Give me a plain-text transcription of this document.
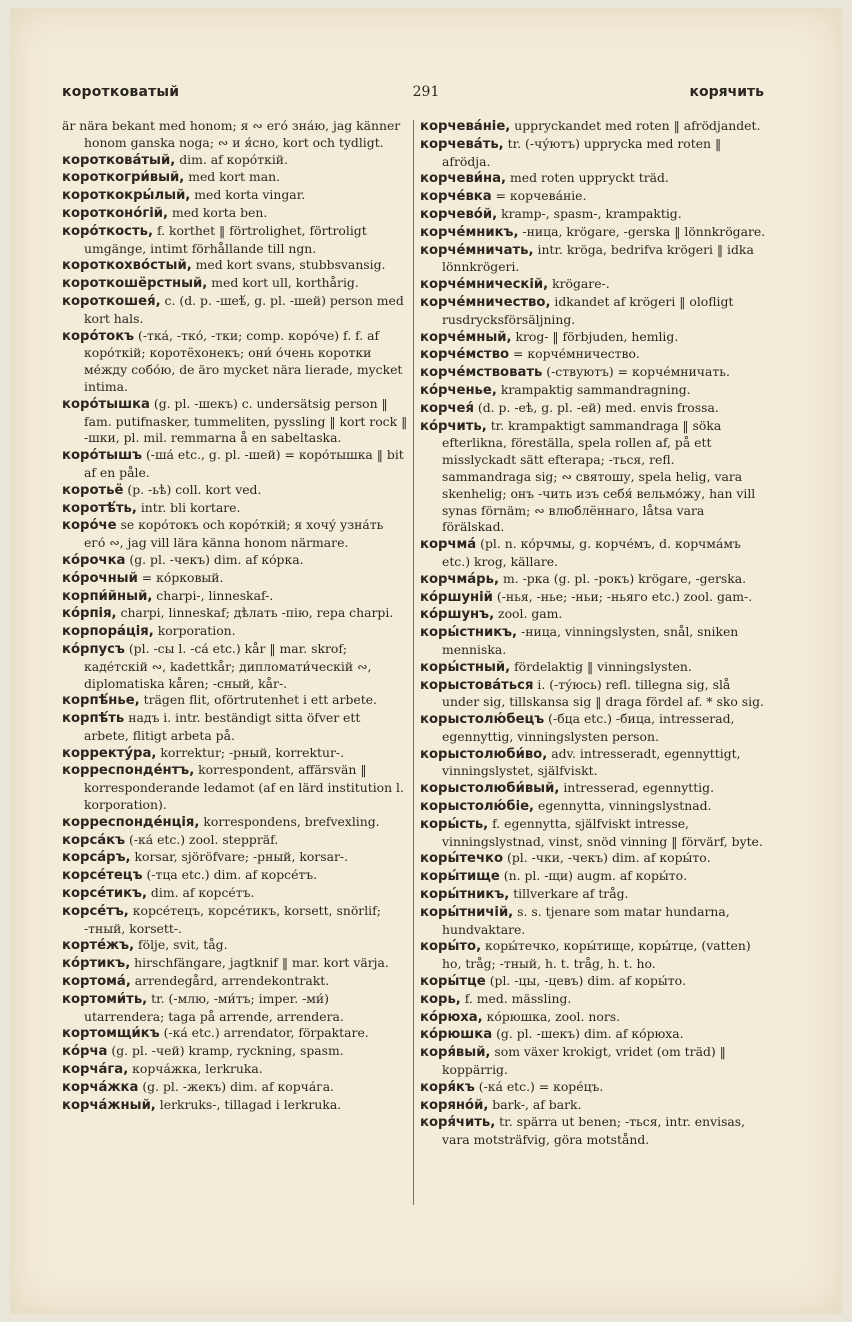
коротковатый	291	корячить

är nära bekant med honom; я ∾ его́ зна́ю, jag känner honom ganska noga; ∾ и я́сно, kort och tydligt.

коротковáтый, dim. af коро́ткій.

короткогри́вый, med kort man.

короткокры́лый, med korta vingar.

коротконо́гій, med korta ben.

коро́ткость, f. korthet ‖ förtrolighet, förtroligt umgänge, intimt förhållande till ngn.

короткохво́стый, med kort svans, stubbsvansig.

короткошёрстный, med kort ull, korthårig.

короткошея́, c. (d. p. -шеѣ́, g. pl. -шей) person med kort hals.

коро́токъ (-тка́, -тко́, -тки; comp. коро́че) f. f. af коро́ткій; коротёхонекъ; они́ о́чень коротки ме́жду собо́ю, de äro mycket nära lierade, mycket intima.

коро́тышка (g. pl. -шекъ) c. undersätsig person ‖ fam. putifnasker, tummeliten, pyssling ‖ kort rock ‖ -шки, pl. mil. remmarna å en sabeltaska.

коро́тышъ (-ша́ etc., g. pl. -шей) = коро́тышка ‖ bit af en påle.

коротьё (p. -ьѣ) coll. kort ved.

коротѣ́ть, intr. bli kortare.

коро́че se коро́токъ och коро́ткій; я хочу́ узна́ть его́ ∾, jag vill lära känna honom närmare.

ко́рочка (g. pl. -чекъ) dim. af ко́рка.

ко́рочный = ко́рковый.

корпи́йный, charpi-, linneskaf-.

ко́рпія, charpi, linneskaf; дѣлать -пію, repa charpi.

корпора́ція, korporation.

ко́рпусъ (pl. -сы l. -са́ etc.) kår ‖ mar. skrof; каде́тскій ∾, kadettkår; дипломати́ческій ∾, diplomatiska kåren; -сный, kår-.

корпѣ́нье, trägen flit, oförtrutenhet i ett arbete.

корпѣ́ть надъ i. intr. beständigt sitta öfver ett arbete, flitigt arbeta på.

корректу́ра, korrektur; -рный, korrektur-.

корреспонде́нтъ, korrespondent, affärsvän ‖ korresponderande ledamot (af en lärd institution l. korporation).

корреспонде́нція, korrespondens, brefvexling.

корса́къ (-ка́ etc.) zool. steppräf.

корса́ръ, korsar, sjöröfvare; -рный, korsar-.

корсе́тецъ (-тца etc.) dim. af корсе́тъ.

корсе́тикъ, dim. af корсе́тъ.

корсе́тъ, корсе́тецъ, корсе́тикъ, korsett, snörlif; -тный, korsett-.

корте́жъ, följe, svit, tåg.

ко́ртикъ, hirschfängare, jagtknif ‖ mar. kort värja.

кортома́, arrendegård, arrendekontrakt.

кортоми́ть, tr. (-млю, -ми́тъ; imper. -ми́) utarrendera; taga på arrende, arrendera.

кортомщи́къ (-ка́ etc.) arrendator, förpaktare.

ко́рча (g. pl. -чей) kramp, ryckning, spasm.

корча́га, корча́жка, lerkruka.

корча́жка (g. pl. -жекъ) dim. af корча́га.

корча́жный, lerkruks-, tillagad i lerkruka.

корчева́ніе, uppryckandet med roten ‖ afrödjandet.

корчева́ть, tr. (-чу́ютъ) uppryck​a med roten ‖ afrödja.

корчеви́на, med roten uppryckt träd.

корче́вка = корчева́ніе.

корчево́й, kramp-, spasm-, krampaktig.

корче́мникъ, -ница, krögare, -gerska ‖ lönnkrögare.

корче́мничать, intr. kröga, bedrifva krögeri ‖ idka lönnkrögeri.

корче́мническій, krögare-.

корче́мничество, idkandet af krögeri ‖ olofligt rusdrycksförsäljning.

корче́мный, krog- ‖ förbjuden, hemlig.

корче́мство = корче́мничество.

корче́мствовать (-ствуютъ) = корче́мничать.

ко́рченье, krampaktig sammandragning.

корчея́ (d. p. -еѣ, g. pl. -ей) med. envis frossa.

ко́рчить, tr. krampaktigt sammandraga ‖ söka efterlikna, föreställa, spela rollen af, på ett misslyckadt sätt efterapa; -ться, refl. sammandraga sig; ∾ святошу, spela helig, vara skenhelig; онъ -чить изъ себя́ вельмо́жу, han vill synas förnäm; ∾ влюблённаго, låtsa vara förälskad.

корчма́ (pl. n. ко́рчмы, g. корче́мъ, d. корчма́мъ etc.) krog, källare.

корчма́рь, m. -рка (g. pl. -рокъ) krögare, -gerska.

ко́ршуній (-нья, -нье; -ньи; -ньяго etc.) zool. gam-.

ко́ршунъ, zool. gam.

коры́стникъ, -ница, vinningslysten, snål, sniken menniska.

коры́стный, fördelaktig ‖ vinningslysten.

корыстова́ться i. (-ту́юсь) refl. tillegna sig, slå under sig, tillskansa sig ‖ draga fördel af. * sko sig.

корыстолю́бецъ (-бца etc.) -бица, intresserad, egennyttig, vinningslysten person.

корыстолюби́во, adv. intresseradt, egennyttigt, vinningslystet, själfviskt.

корыстолюби́вый, intresserad, egennyttig.

корыстолю́біе, egennytta, vinningslystnad.

коры́сть, f. egennytta, själfviskt intresse, vinningslystnad, vinst, snöd vinning ‖ förvärf, byte.

коры́течко (pl. -чки, -чекъ) dim. af коры́то.

коры́тище (n. pl. -щи) augm. af коры́то.

коры́тникъ, tillverkare af tråg.

коры́тничій, s. s. tjenare som matar hundarna, hundvaktare.

коры́то, коры́течко, коры́тище, коры́тце, (vatten) ho, tråg; -тный, h. t. tråg, h. t. ho.

коры́тце (pl. -цы, -цевъ) dim. af коры́то.

корь, f. med. mässling.

ко́рюха, ко́рюшка, zool. nors.

ко́рюшка (g. pl. -шекъ) dim. af ко́рюха.

коря́вый, som växer krokigt, vridet (om träd) ‖ koppärrig.

коря́къ (-ка́ etc.) = коре́цъ.

коряно́й, bark-, af bark.

коря́чить, tr. spärra ut benen; -ться, intr. envisas, vara motsträfvig, göra motstånd.
